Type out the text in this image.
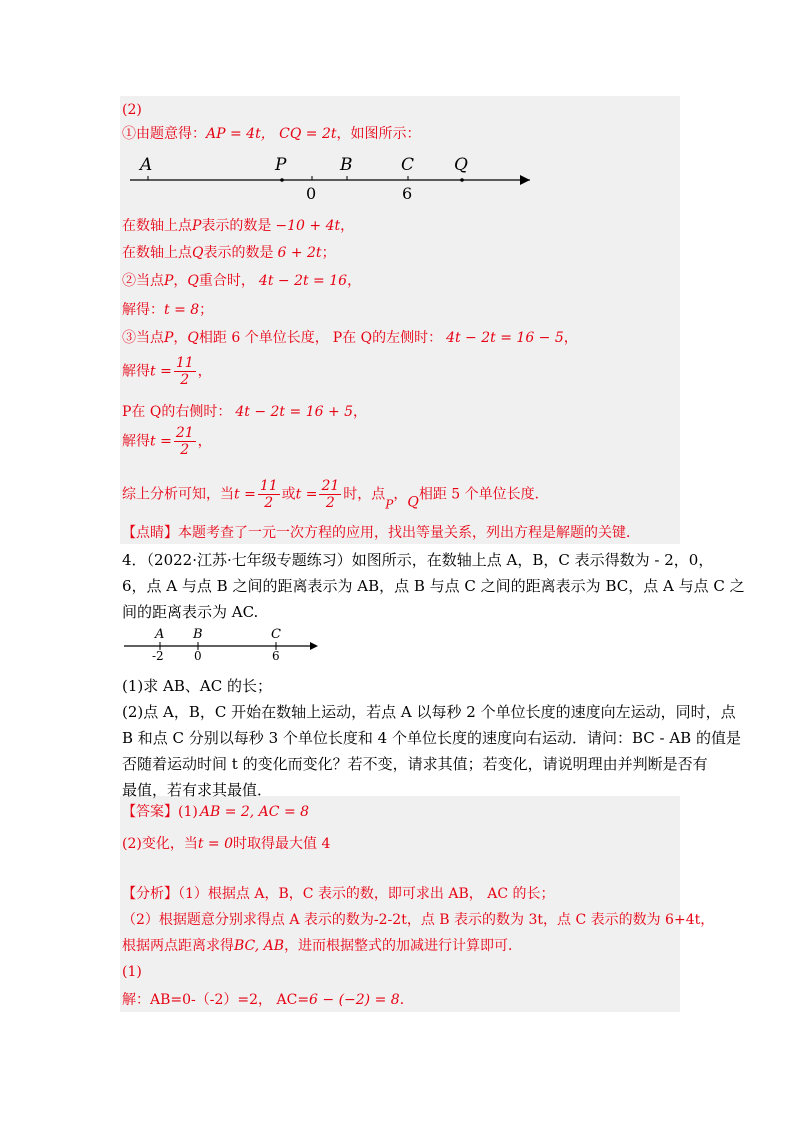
(2)
①由题意得：AP = 4t， CQ = 2t，如图所示：
A	P	B	C Q
0	6
在数轴上点P表示的数是 −10 + 4t，
在数轴上点Q表示的数是 6 + 2t；
②当点P，Q重合时， 4t − 2t = 16，
解得：t = 8；
③当点P，Q相距 6 个单位长度， P在 Q的左侧时： 4t − 2t = 16 − 5，
解得$t = \frac{11}{2}$ ，
P在 Q的右侧时： 4t − 2t = 16 + 5，
解得$t = \frac{21}{2}$ ，
综上分析可知，当$t = \frac{11}{2}$ 或$t = \frac{21}{2}$ 时，点P，Q相距 5 个单位长度．
【点睛】本题考查了一元一次方程的应用，找出等量关系，列出方程是解题的关键．
4．（2022·江苏·七年级专题练习）如图所示，在数轴上点 A，B，C 表示得数为 - 2，0，
6，点 A 与点 B 之间的距离表示为 AB，点 B 与点 C 之间的距离表示为 BC，点 A 与点 C 之
间的距离表示为 AC.
A B	C
-2	0	6
(1)求 AB、AC 的长；
(2)点 A，B，C 开始在数轴上运动，若点 A 以每秒 2 个单位长度的速度向左运动，同时，点
B 和点 C 分别以每秒 3 个单位长度和 4 个单位长度的速度向右运动．请问：BC - AB 的值是
否随着运动时间 t 的变化而变化？若不变，请求其值；若变化，请说明理由并判断是否有
最值，若有求其最值．
【答案】(1) AB = 2, AC = 8
(2)变化，当t = 0时取得最大值 4
【分析】（1）根据点 A，B，C 表示的数，即可求出 AB， AC 的长；
（2）根据题意分别求得点 A 表示的数为-2-2t，点 B 表示的数为 3t，点 C 表示的数为 6+4t，
根据两点距离求得BC, AB，进而根据整式的加减进行计算即可．
(1)
解：AB=0-（-2）=2， AC=6 − (−2) = 8．
